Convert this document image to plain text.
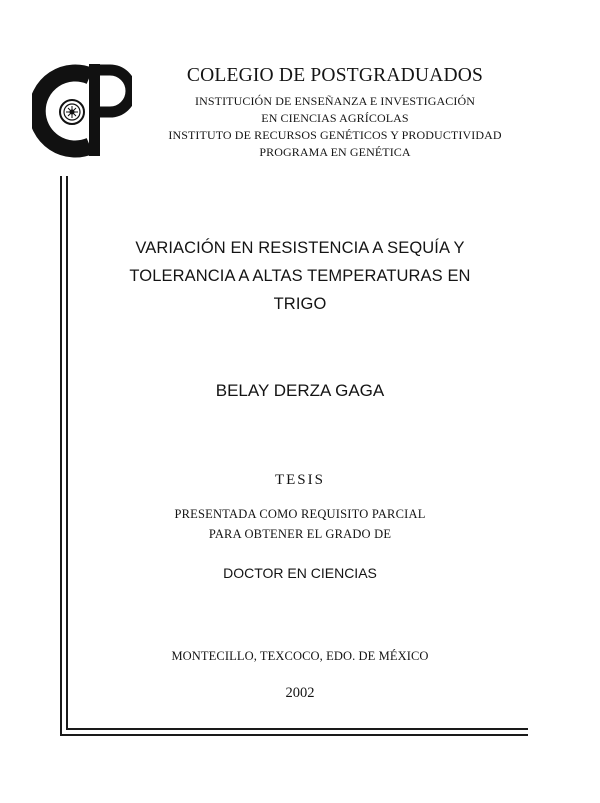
COLEGIO DE POSTGRADUADOS

INSTITUCIÓN DE ENSEÑANZA E INVESTIGACIÓN

EN CIENCIAS AGRÍCOLAS

INSTITUTO DE RECURSOS GENÉTICOS Y PRODUCTIVIDAD

PROGRAMA EN GENÉTICA

VARIACIÓN EN RESISTENCIA A SEQUÍA Y
TOLERANCIA A ALTAS TEMPERATURAS EN
TRIGO
BELAY DERZA GAGA
TESIS
PRESENTADA COMO REQUISITO PARCIAL
PARA OBTENER EL GRADO DE
DOCTOR EN CIENCIAS
MONTECILLO, TEXCOCO, EDO. DE MÉXICO
2002
